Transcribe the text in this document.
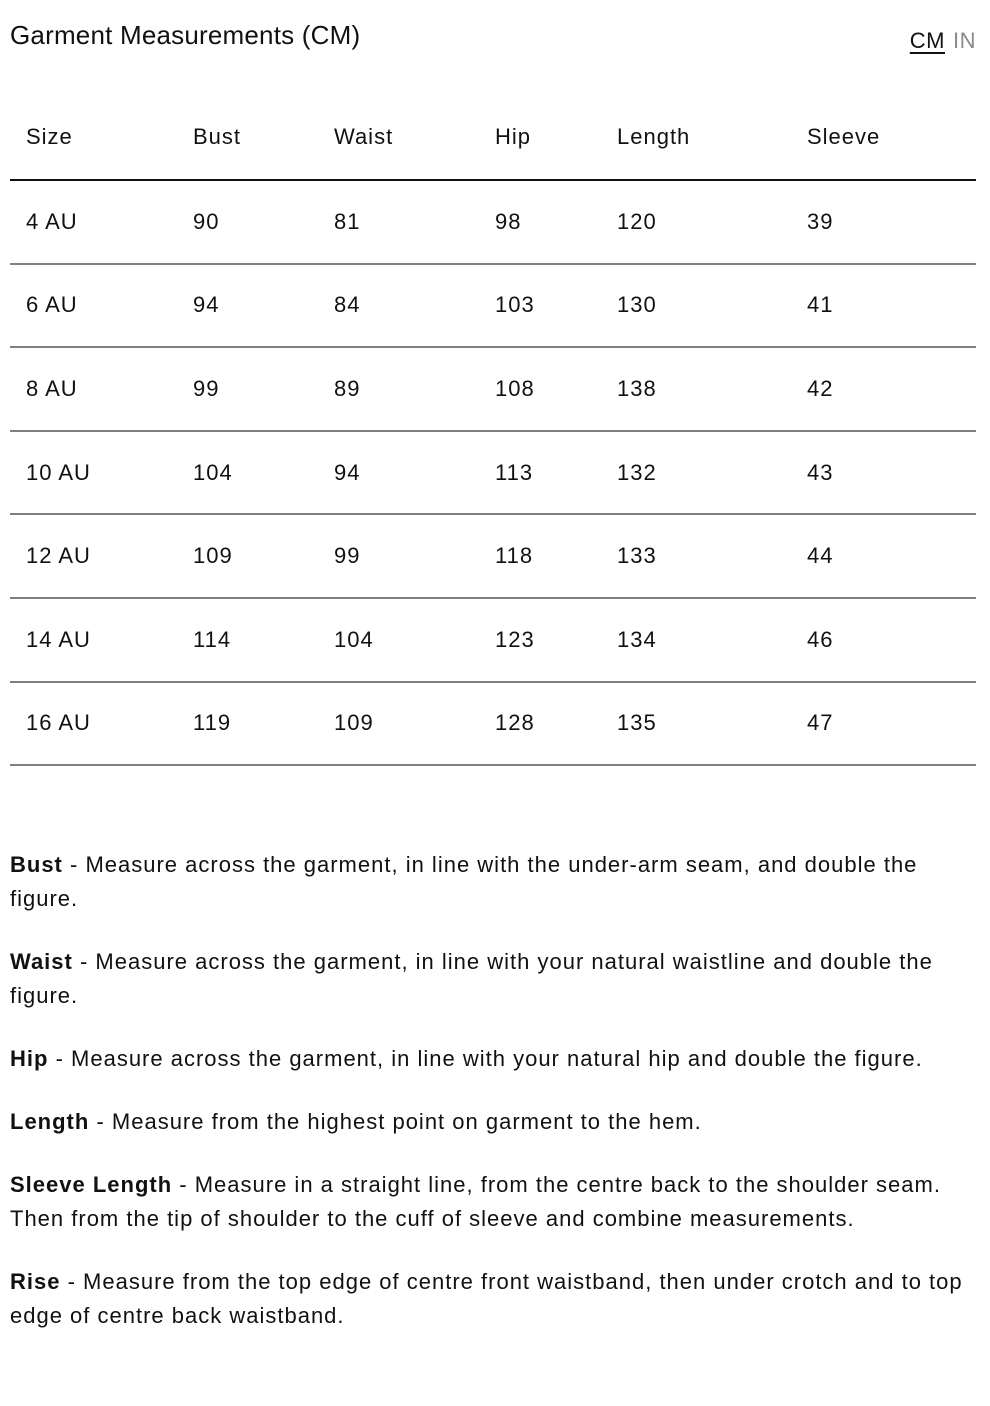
Garment Measurements (CM)	CM IN
Size	Bust	Waist	Hip	Length	Sleeve
4 AU	90	81	98	120	39
6 AU	94	84	103	130	41
8 AU	99	89	108	138	42
10 AU	104	94	113	132	43
12 AU	109	99	118	133	44
14 AU	114	104	123	134	46
16 AU	119	109	128	135	47

Bust - Measure across the garment, in line with the under-arm seam, and double the figure.

Waist - Measure across the garment, in line with your natural waistline and double the figure.

Hip - Measure across the garment, in line with your natural hip and double the figure.

Length - Measure from the highest point on garment to the hem.

Sleeve Length - Measure in a straight line, from the centre back to the shoulder seam. Then from the tip of shoulder to the cuff of sleeve and combine measurements.

Rise - Measure from the top edge of centre front waistband, then under crotch and to top edge of centre back waistband.
